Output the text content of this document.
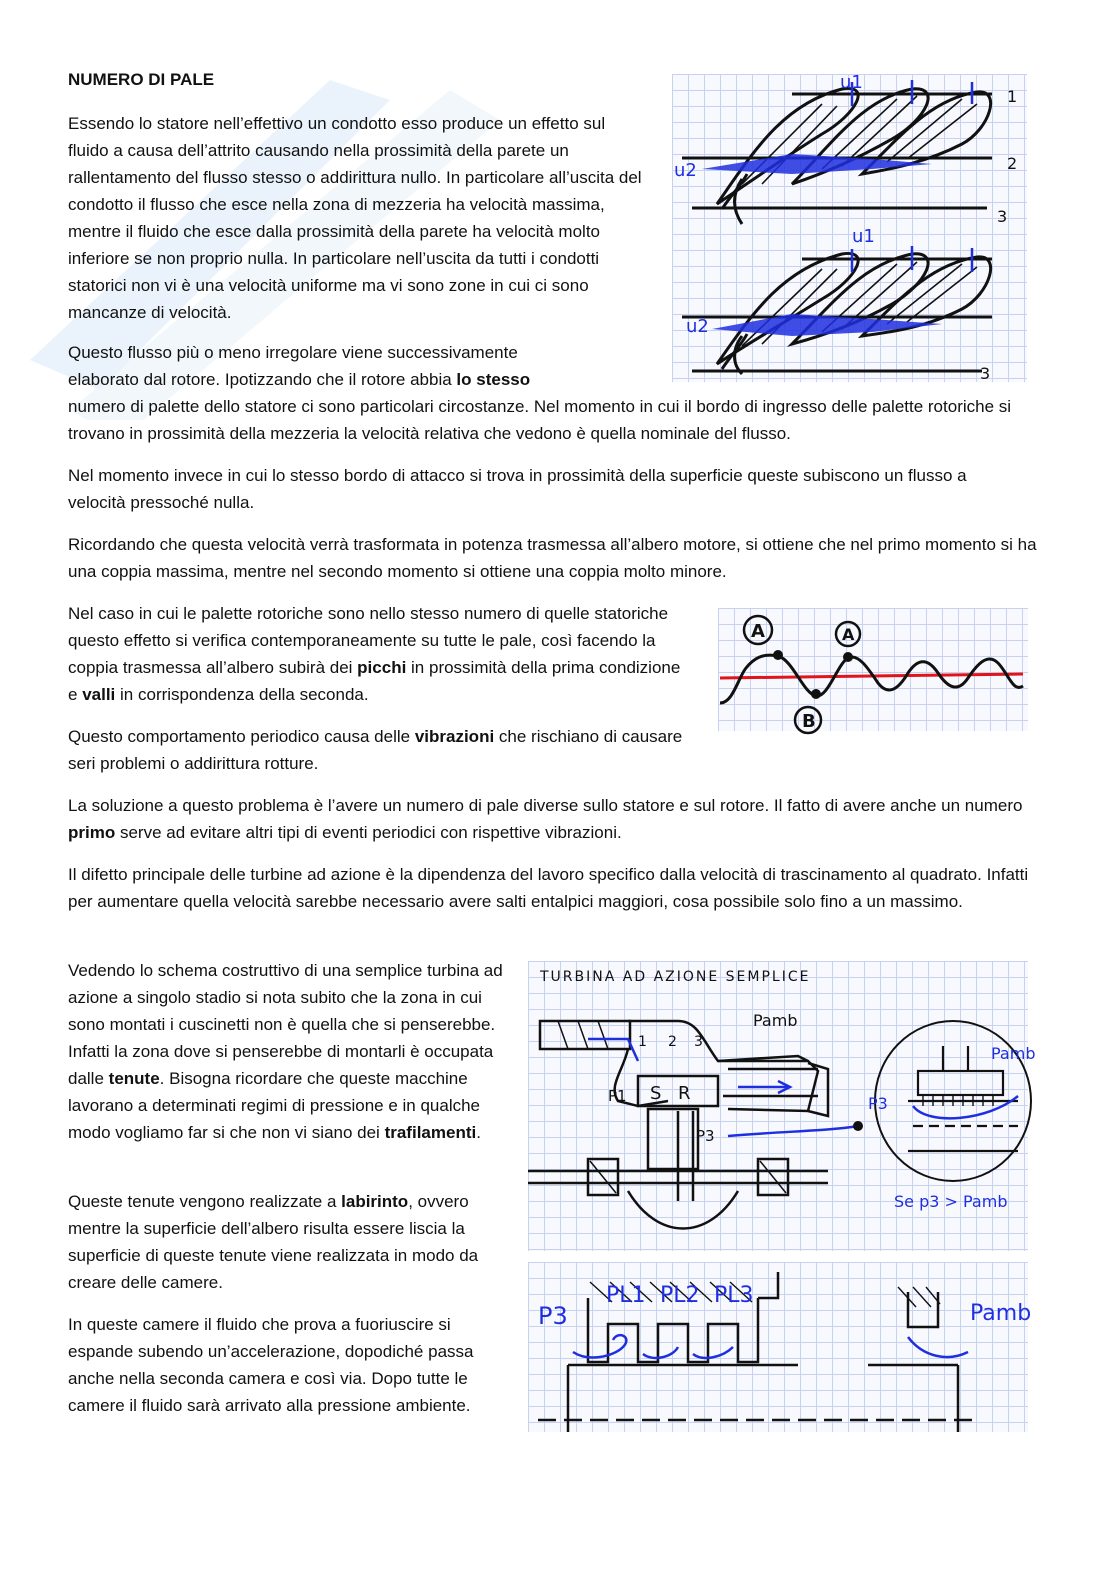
NUMERO DI PALE

Essendo lo statore nell’effettivo un condotto esso produce un effetto sul fluido a causa dell’attrito causando nella prossimità della parete un rallentamento del flusso stesso o addirittura nullo. In particolare all’uscita del condotto il flusso che esce nella zona di mezzeria ha velocità massima, mentre il fluido che esce dalla prossimità della parete ha velocità molto inferiore se non proprio nulla. In particolare nell’uscita da tutti i condotti statorici non vi è una velocità uniforme ma vi sono zone in cui ci sono mancanze di velocità.

Questo flusso più o meno irregolare viene successivamente elaborato dal rotore. Ipotizzando che il rotore abbia lo stesso
numero di palette dello statore ci sono particolari circostanze. Nel momento in cui il bordo di ingresso delle palette rotoriche si trovano in prossimità della mezzeria la velocità relativa che vedono è quella nominale del flusso.

Nel momento invece in cui lo stesso bordo di attacco si trova in prossimità della superficie queste subiscono un flusso a velocità pressoché nulla.

Ricordando che questa velocità verrà trasformata in potenza trasmessa all’albero motore, si ottiene che nel primo momento si ha una coppia massima, mentre nel secondo momento si ottiene una coppia molto minore.

Nel caso in cui le palette rotoriche sono nello stesso numero di quelle statoriche questo effetto si verifica contemporaneamente su tutte le pale, così facendo la coppia trasmessa all’albero subirà dei picchi in prossimità della prima condizione e valli in corrispondenza della seconda.

Questo comportamento periodico causa delle vibrazioni che rischiano di causare seri problemi o addirittura rotture.

La soluzione a questo problema è l’avere un numero di pale diverse sullo statore e sul rotore. Il fatto di avere anche un numero primo serve ad evitare altri tipi di eventi periodici con rispettive vibrazioni.

Il difetto principale delle turbine ad azione è la dipendenza del lavoro specifico dalla velocità di trascinamento al quadrato. Infatti per aumentare quella velocità sarebbe necessario avere salti entalpici maggiori, cosa possibile solo fino a un massimo.

Vedendo lo schema costruttivo di una semplice turbina ad azione a singolo stadio si nota subito che la zona in cui sono montati i cuscinetti non è quella che si penserebbe. Infatti la zona dove si penserebbe di montarli è occupata dalle tenute. Bisogna ricordare che queste macchine lavorano a determinati regimi di pressione e in qualche modo vogliamo far si che non vi siano dei trafilamenti.

Queste tenute vengono realizzate a labirinto, ovvero mentre la superficie dell’albero risulta essere liscia la superficie di queste tenute viene realizzata in modo da creare delle camere.

In queste camere il fluido che prova a fuoriuscire si espande subendo un’accelerazione, dopodiché passa anche nella seconda camera e così via. Dopo tutte le camere il fluido sarà arrivato alla pressione ambiente.

u1
u1
u2
u2
1
2
3
3
A	A
B
TURBINA AD AZIONE SEMPLICE
Pamb
S R
P1
P3
1 2 3
Pamb
P3
Se p3 > Pamb
P3
PL1 PL2 PL3
Pamb
